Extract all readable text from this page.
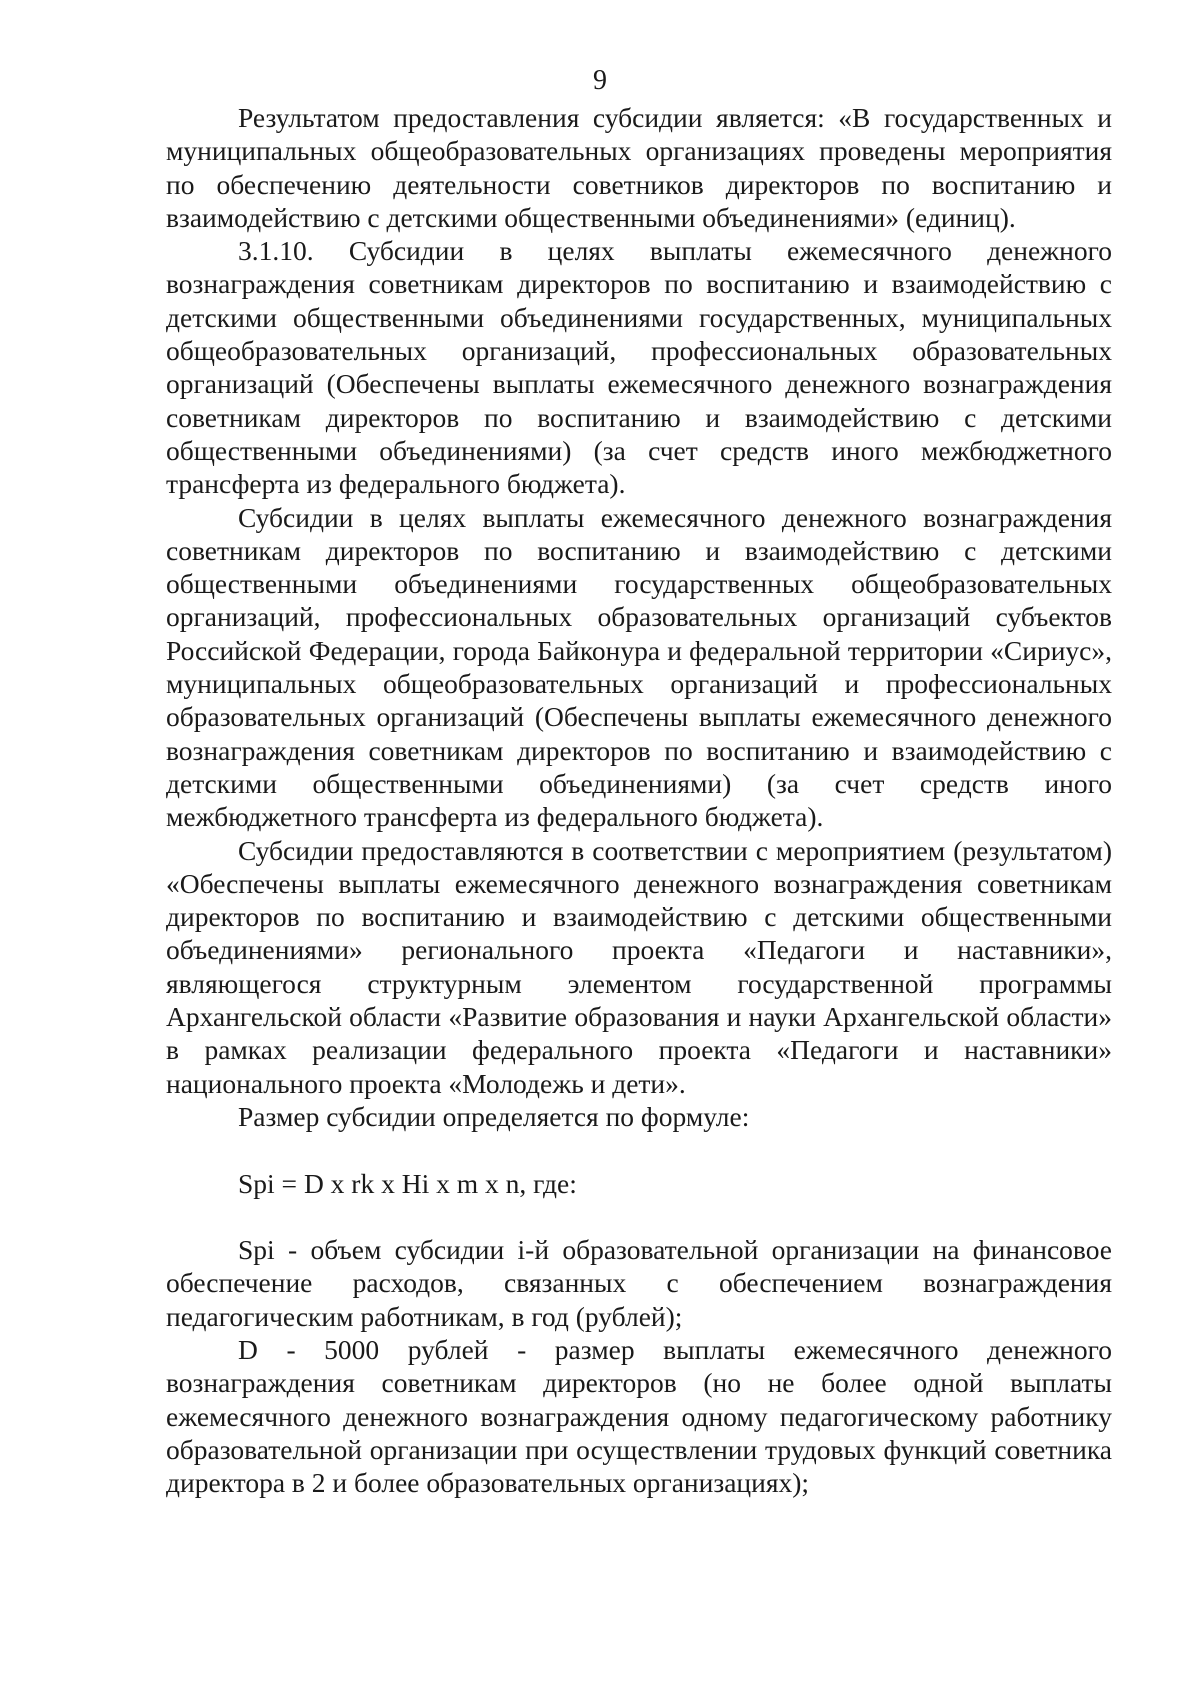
9

Результатом предоставления субсидии является: «В государственных и муниципальных общеобразовательных организациях проведены мероприятия по обеспечению деятельности советников директоров по воспитанию и взаимодействию с детскими общественными объединениями» (единиц).

3.1.10. Субсидии в целях выплаты ежемесячного денежного вознаграждения советникам директоров по воспитанию и взаимодействию с детскими общественными объединениями государственных, муниципальных общеобразовательных организаций, профессиональных образовательных организаций (Обеспечены выплаты ежемесячного денежного вознаграждения советникам директоров по воспитанию и взаимодействию с детскими общественными объединениями) (за счет средств иного межбюджетного трансферта из федерального бюджета).

Субсидии в целях выплаты ежемесячного денежного вознаграждения советникам директоров по воспитанию и взаимодействию с детскими общественными объединениями государственных общеобразовательных организаций, профессиональных образовательных организаций субъектов Российской Федерации, города Байконура и федеральной территории «Сириус», муниципальных общеобразовательных организаций и профессиональных образовательных организаций (Обеспечены выплаты ежемесячного денежного вознаграждения советникам директоров по воспитанию и взаимодействию с детскими общественными объединениями) (за счет средств иного межбюджетного трансферта из федерального бюджета).

Субсидии предоставляются в соответствии с мероприятием (результатом) «Обеспечены выплаты ежемесячного денежного вознаграждения советникам директоров по воспитанию и взаимодействию с детскими общественными объединениями» регионального проекта «Педагоги и наставники», являющегося структурным элементом государственной программы Архангельской области «Развитие образования и науки Архангельской области» в рамках реализации федерального проекта «Педагоги и наставники» национального проекта «Молодежь и дети».

Размер субсидии определяется по формуле:

Spi = D x rk x Hi x m x n, где:

Spi - объем субсидии i-й образовательной организации на финансовое обеспечение расходов, связанных с обеспечением вознаграждения педагогическим работникам, в год (рублей);

D - 5000 рублей - размер выплаты ежемесячного денежного вознаграждения советникам директоров (но не более одной выплаты ежемесячного денежного вознаграждения одному педагогическому работнику образовательной организации при осуществлении трудовых функций советника директора в 2 и более образовательных организациях);
